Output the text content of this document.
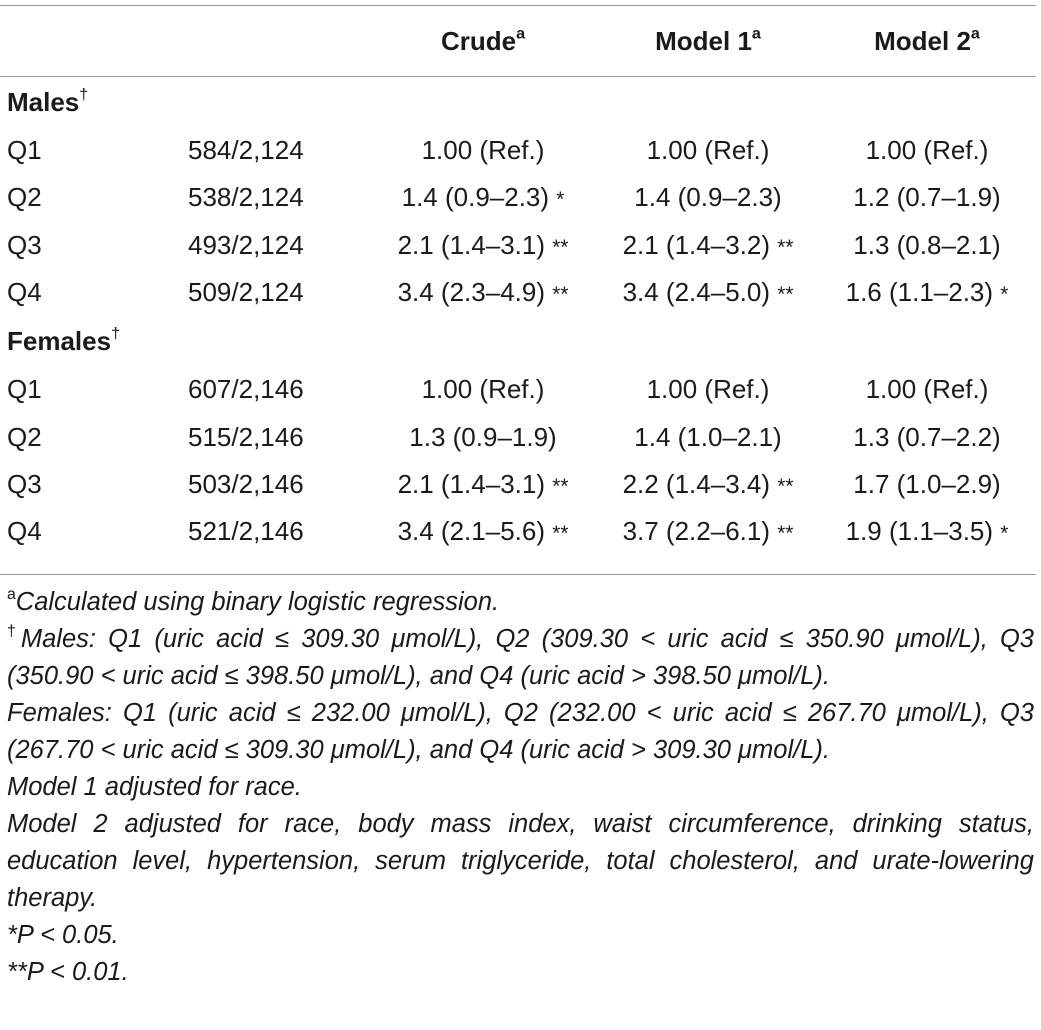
		Crude$^a$	Model 1$^a$	Model 2$^a$

Males†
Q1	584/2,124	1.00 (Ref.)	1.00 (Ref.)	1.00 (Ref.)
Q2	538/2,124	1.4 (0.9–2.3) *	1.4 (0.9–2.3)	1.2 (0.7–1.9)
Q3	493/2,124	2.1 (1.4–3.1) **	2.1 (1.4–3.2) **	1.3 (0.8–2.1)
Q4	509/2,124	3.4 (2.3–4.9) **	3.4 (2.4–5.0) **	1.6 (1.1–2.3) *
Females†
Q1	607/2,146	1.00 (Ref.)	1.00 (Ref.)	1.00 (Ref.)
Q2	515/2,146	1.3 (0.9–1.9)	1.4 (1.0–2.1)	1.3 (0.7–2.2)
Q3	503/2,146	2.1 (1.4–3.1) **	2.2 (1.4–3.4) **	1.7 (1.0–2.9)
Q4	521/2,146	3.4 (2.1–5.6) **	3.7 (2.2–6.1) **	1.9 (1.1–3.5) *

$^a$Calculated using binary logistic regression.

†Males: Q1 (uric acid ≤ 309.30 μmol/L), Q2 (309.30 < uric acid ≤ 350.90 μmol/L), Q3 (350.90 < uric acid ≤ 398.50 μmol/L), and Q4 (uric acid > 398.50 μmol/L).

Females: Q1 (uric acid ≤ 232.00 μmol/L), Q2 (232.00 < uric acid ≤ 267.70 μmol/L), Q3 (267.70 < uric acid ≤ 309.30 μmol/L), and Q4 (uric acid > 309.30 μmol/L).

Model 1 adjusted for race.

Model 2 adjusted for race, body mass index, waist circumference, drinking status, education level, hypertension, serum triglyceride, total cholesterol, and urate-lowering therapy.

*P < 0.05.

**P < 0.01.
